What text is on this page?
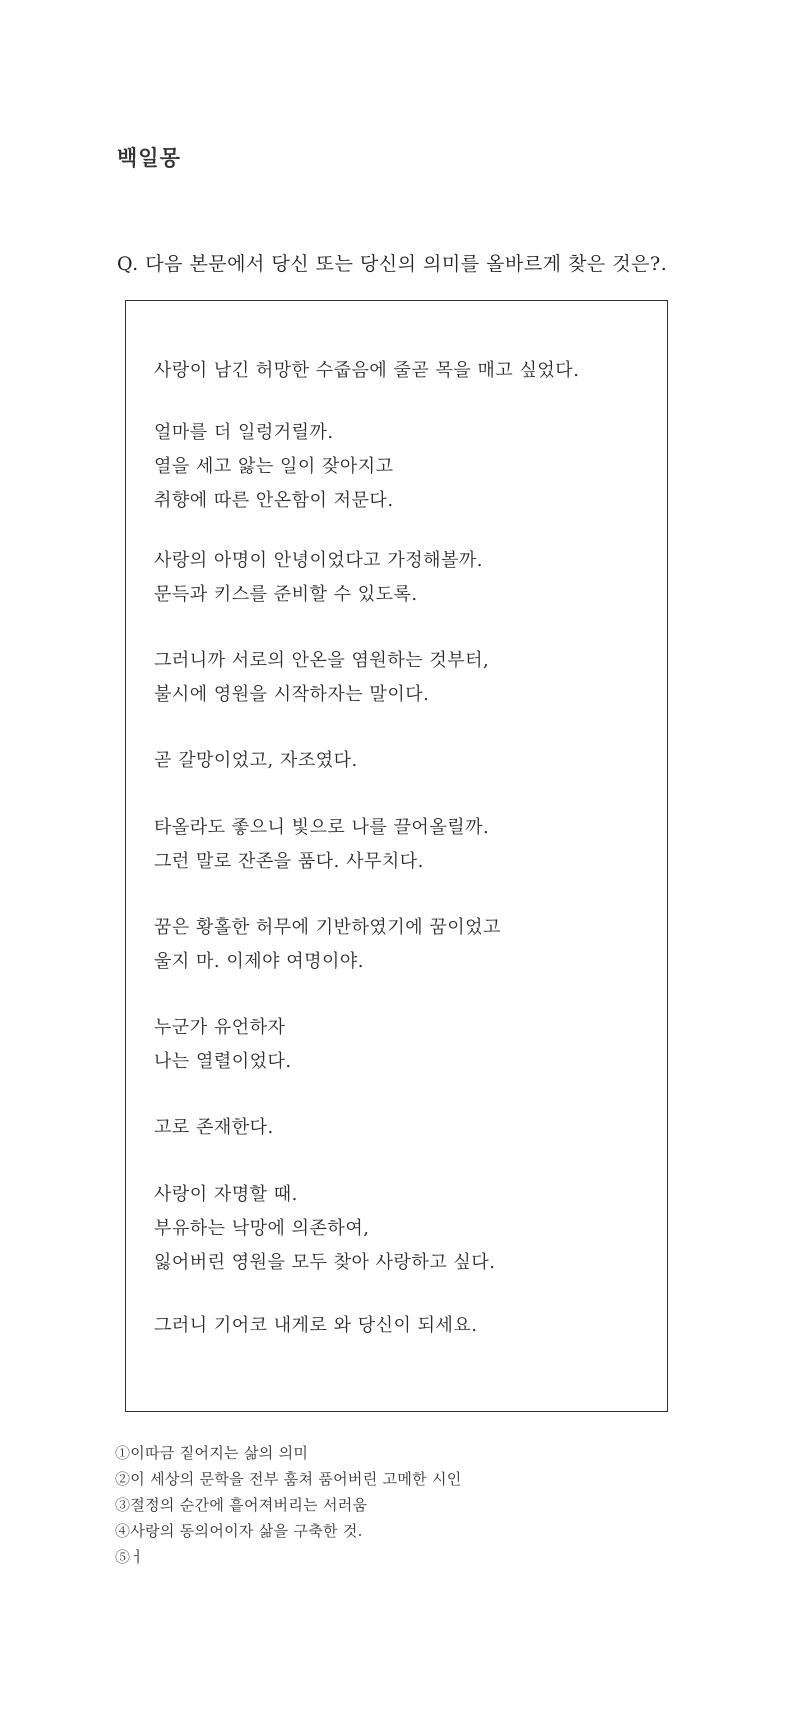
백일몽
Q. 다음 본문에서 당신 또는 당신의 의미를 올바르게 찾은 것은?.
사랑이 남긴 허망한 수줍음에 줄곧 목을 매고 싶었다.
얼마를 더 일렁거릴까.
열을 세고 앓는 일이 잦아지고
취향에 따른 안온함이 저문다.
사랑의 아명이 안녕이었다고 가정해볼까.
문득과 키스를 준비할 수 있도록.
그러니까 서로의 안온을 염원하는 것부터,
불시에 영원을 시작하자는 말이다.
곧 갈망이었고, 자조였다.
타올라도 좋으니 빛으로 나를 끌어올릴까.
그런 말로 잔존을 품다. 사무치다.
꿈은 황홀한 허무에 기반하였기에 꿈이었고
울지 마. 이제야 여명이야.
누군가 유언하자
나는 열렬이었다.
고로 존재한다.
사랑이 자명할 때.
부유하는 낙망에 의존하여,
잃어버린 영원을 모두 찾아 사랑하고 싶다.
그러니 기어코 내게로 와 당신이 되세요.
①이따금 짙어지는 삶의 의미
②이 세상의 문학을 전부 훔쳐 품어버린 고메한 시인
③절정의 순간에 흩어져버리는 서러움
④사랑의 동의어이자 삶을 구축한 것.
⑤ㅓ
